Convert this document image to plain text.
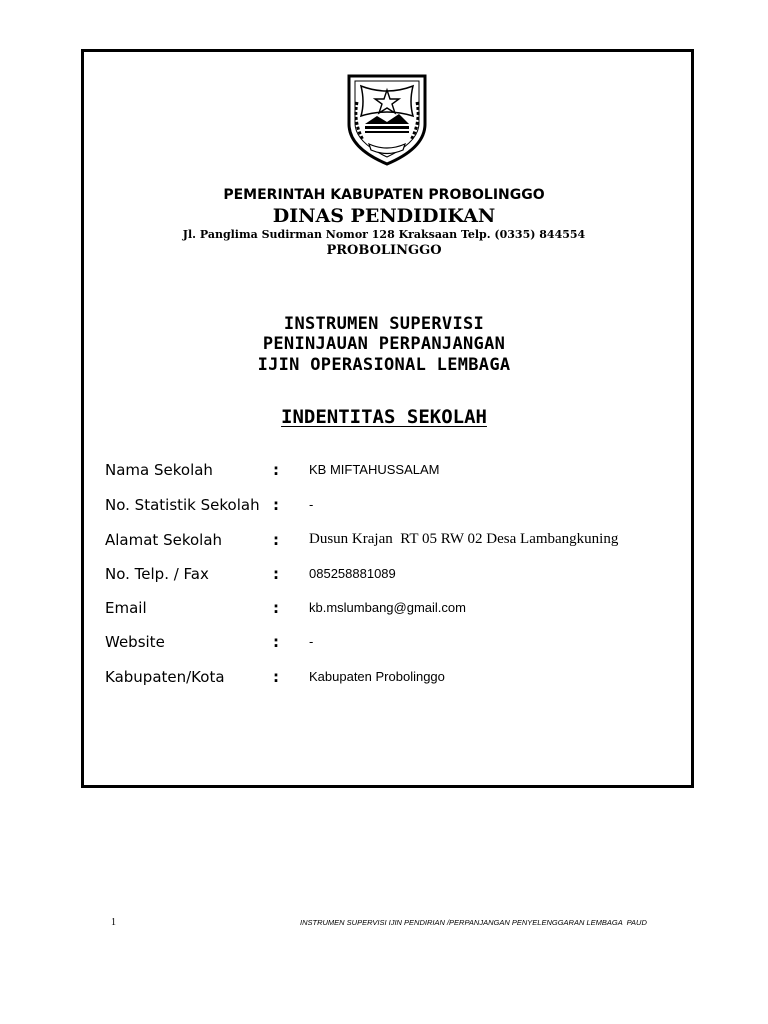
PEMERINTAH KABUPATEN PROBOLINGGO
DINAS PENDIDIKAN
Jl. Panglima Sudirman Nomor 128 Kraksaan Telp. (0335) 844554
PROBOLINGGO
INSTRUMEN SUPERVISI
PENINJAUAN PERPANJANGAN
IJIN OPERASIONAL LEMBAGA
INDENTITAS SEKOLAH
Nama Sekolah	: KB MIFTAHUSSALAM
No. Statistik Sekolah : -
Alamat Sekolah	: Dusun Krajan  RT 05 RW 02 Desa Lambangkuning
No. Telp. / Fax	: 085258881089
Email	: kb.mslumbang@gmail.com
Website	: -
Kabupaten/Kota	: Kabupaten Probolinggo
1	INSTRUMEN SUPERVISI IJIN PENDIRIAN /PERPANJANGAN PENYELENGGARAN LEMBAGA  PAUD
